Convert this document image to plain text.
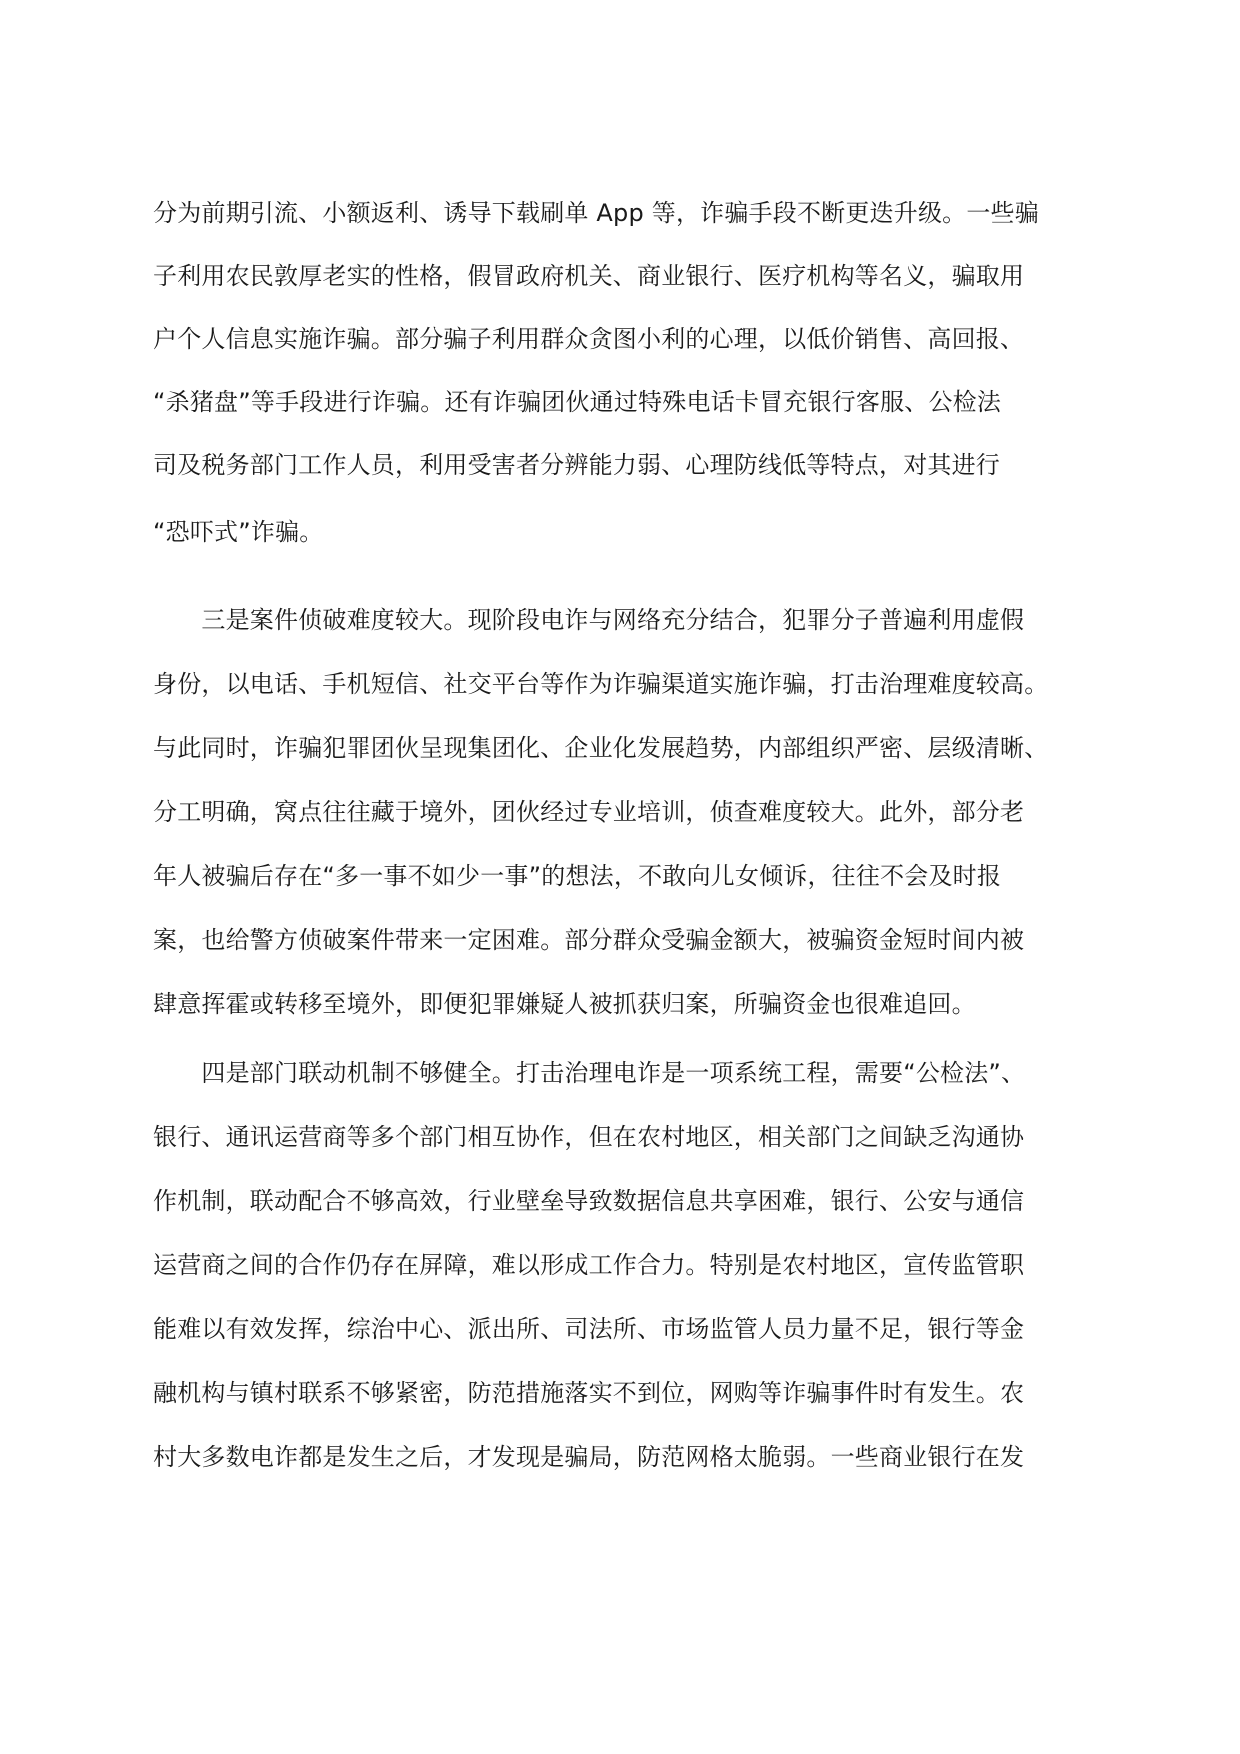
分为前期引流、小额返利、诱导下载刷单 App 等，诈骗手段不断更迭升级。一些骗

子利用农民敦厚老实的性格，假冒政府机关、商业银行、医疗机构等名义，骗取用

户个人信息实施诈骗。部分骗子利用群众贪图小利的心理，以低价销售、高回报、

“杀猪盘”等手段进行诈骗。还有诈骗团伙通过特殊电话卡冒充银行客服、公检法

司及税务部门工作人员，利用受害者分辨能力弱、心理防线低等特点，对其进行

“恐吓式”诈骗。

　　三是案件侦破难度较大。现阶段电诈与网络充分结合，犯罪分子普遍利用虚假

身份，以电话、手机短信、社交平台等作为诈骗渠道实施诈骗，打击治理难度较高。

与此同时，诈骗犯罪团伙呈现集团化、企业化发展趋势，内部组织严密、层级清晰、

分工明确，窝点往往藏于境外，团伙经过专业培训，侦查难度较大。此外，部分老

年人被骗后存在“多一事不如少一事”的想法，不敢向儿女倾诉，往往不会及时报

案，也给警方侦破案件带来一定困难。部分群众受骗金额大，被骗资金短时间内被

肆意挥霍或转移至境外，即便犯罪嫌疑人被抓获归案，所骗资金也很难追回。

　　四是部门联动机制不够健全。打击治理电诈是一项系统工程，需要“公检法”、

银行、通讯运营商等多个部门相互协作，但在农村地区，相关部门之间缺乏沟通协

作机制，联动配合不够高效，行业壁垒导致数据信息共享困难，银行、公安与通信

运营商之间的合作仍存在屏障，难以形成工作合力。特别是农村地区，宣传监管职

能难以有效发挥，综治中心、派出所、司法所、市场监管人员力量不足，银行等金

融机构与镇村联系不够紧密，防范措施落实不到位，网购等诈骗事件时有发生。农

村大多数电诈都是发生之后，才发现是骗局，防范网格太脆弱。一些商业银行在发
